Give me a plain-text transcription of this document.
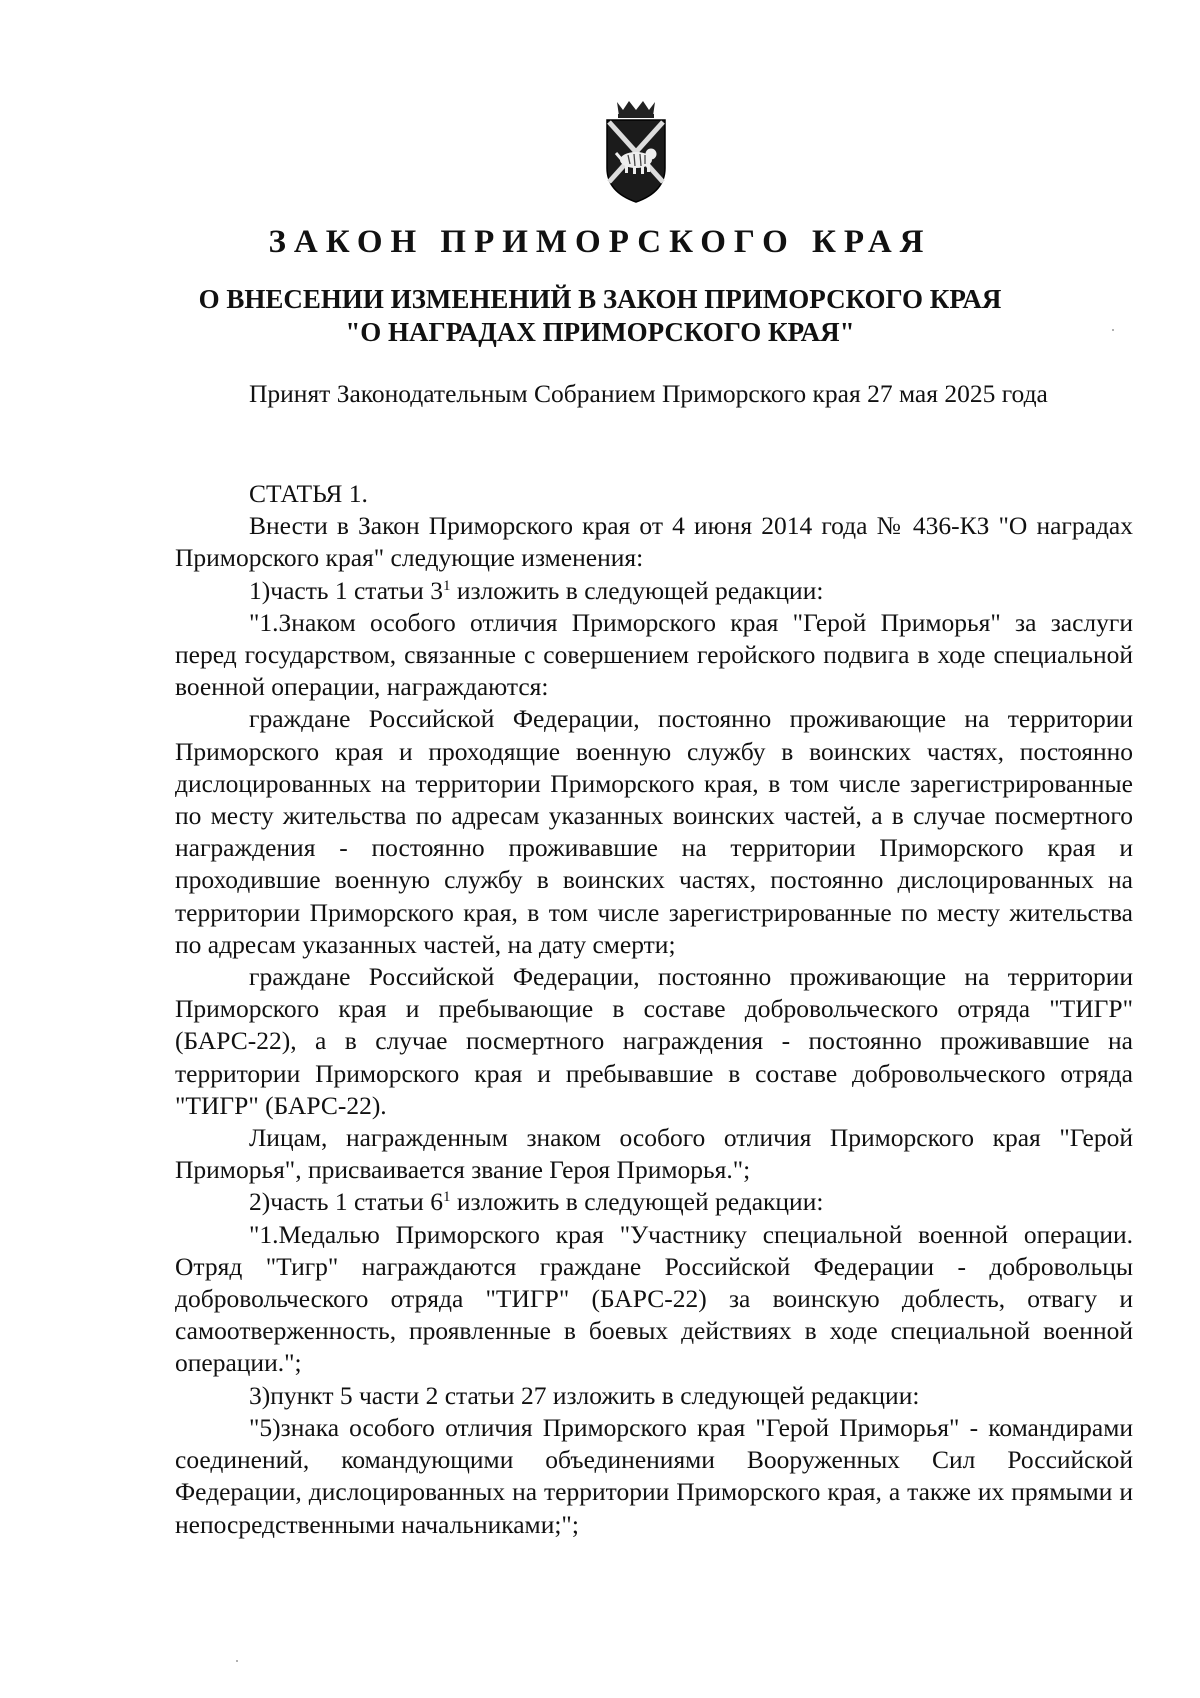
ЗАКОН ПРИМОРСКОГО КРАЯ
О ВНЕСЕНИИ ИЗМЕНЕНИЙ В ЗАКОН ПРИМОРСКОГО КРАЯ
"О НАГРАДАХ ПРИМОРСКОГО КРАЯ"

Принят Законодательным Собранием Приморского края 27 мая 2025 года

СТАТЬЯ 1.

Внести в Закон Приморского края от 4 июня 2014 года № 436-КЗ "О наградах Приморского края" следующие изменения:

1)часть 1 статьи $3^1$ изложить в следующей редакции:

"1.Знаком особого отличия Приморского края "Герой Приморья" за заслуги перед государством, связанные с совершением геройского подвига в ходе специальной военной операции, награждаются:

граждане Российской Федерации, постоянно проживающие на территории Приморского края и проходящие военную службу в воинских частях, постоянно дислоцированных на территории Приморского края, в том числе зарегистрированные по месту жительства по адресам указанных воинских частей, а в случае посмертного награждения - постоянно проживавшие на территории Приморского края и проходившие военную службу в воинских частях, постоянно дислоцированных на территории Приморского края, в том числе зарегистрированные по месту жительства по адресам указанных частей, на дату смерти;

граждане Российской Федерации, постоянно проживающие на территории Приморского края и пребывающие в составе добровольческого отряда "ТИГР" (БАРС-22), а в случае посмертного награждения - постоянно проживавшие на территории Приморского края и пребывавшие в составе добровольческого отряда "ТИГР" (БАРС-22).

Лицам, награжденным знаком особого отличия Приморского края "Герой Приморья", присваивается звание Героя Приморья.";

2)часть 1 статьи $6^1$ изложить в следующей редакции:

"1.Медалью Приморского края "Участнику специальной военной операции. Отряд "Тигр" награждаются граждане Российской Федерации - добровольцы добровольческого отряда "ТИГР" (БАРС-22) за воинскую доблесть, отвагу и самоотверженность, проявленные в боевых действиях в ходе специальной военной операции.";

3)пункт 5 части 2 статьи 27 изложить в следующей редакции:

"5)знака особого отличия Приморского края "Герой Приморья" - командирами соединений, командующими объединениями Вооруженных Сил Российской Федерации, дислоцированных на территории Приморского края, а также их прямыми и непосредственными начальниками;";
